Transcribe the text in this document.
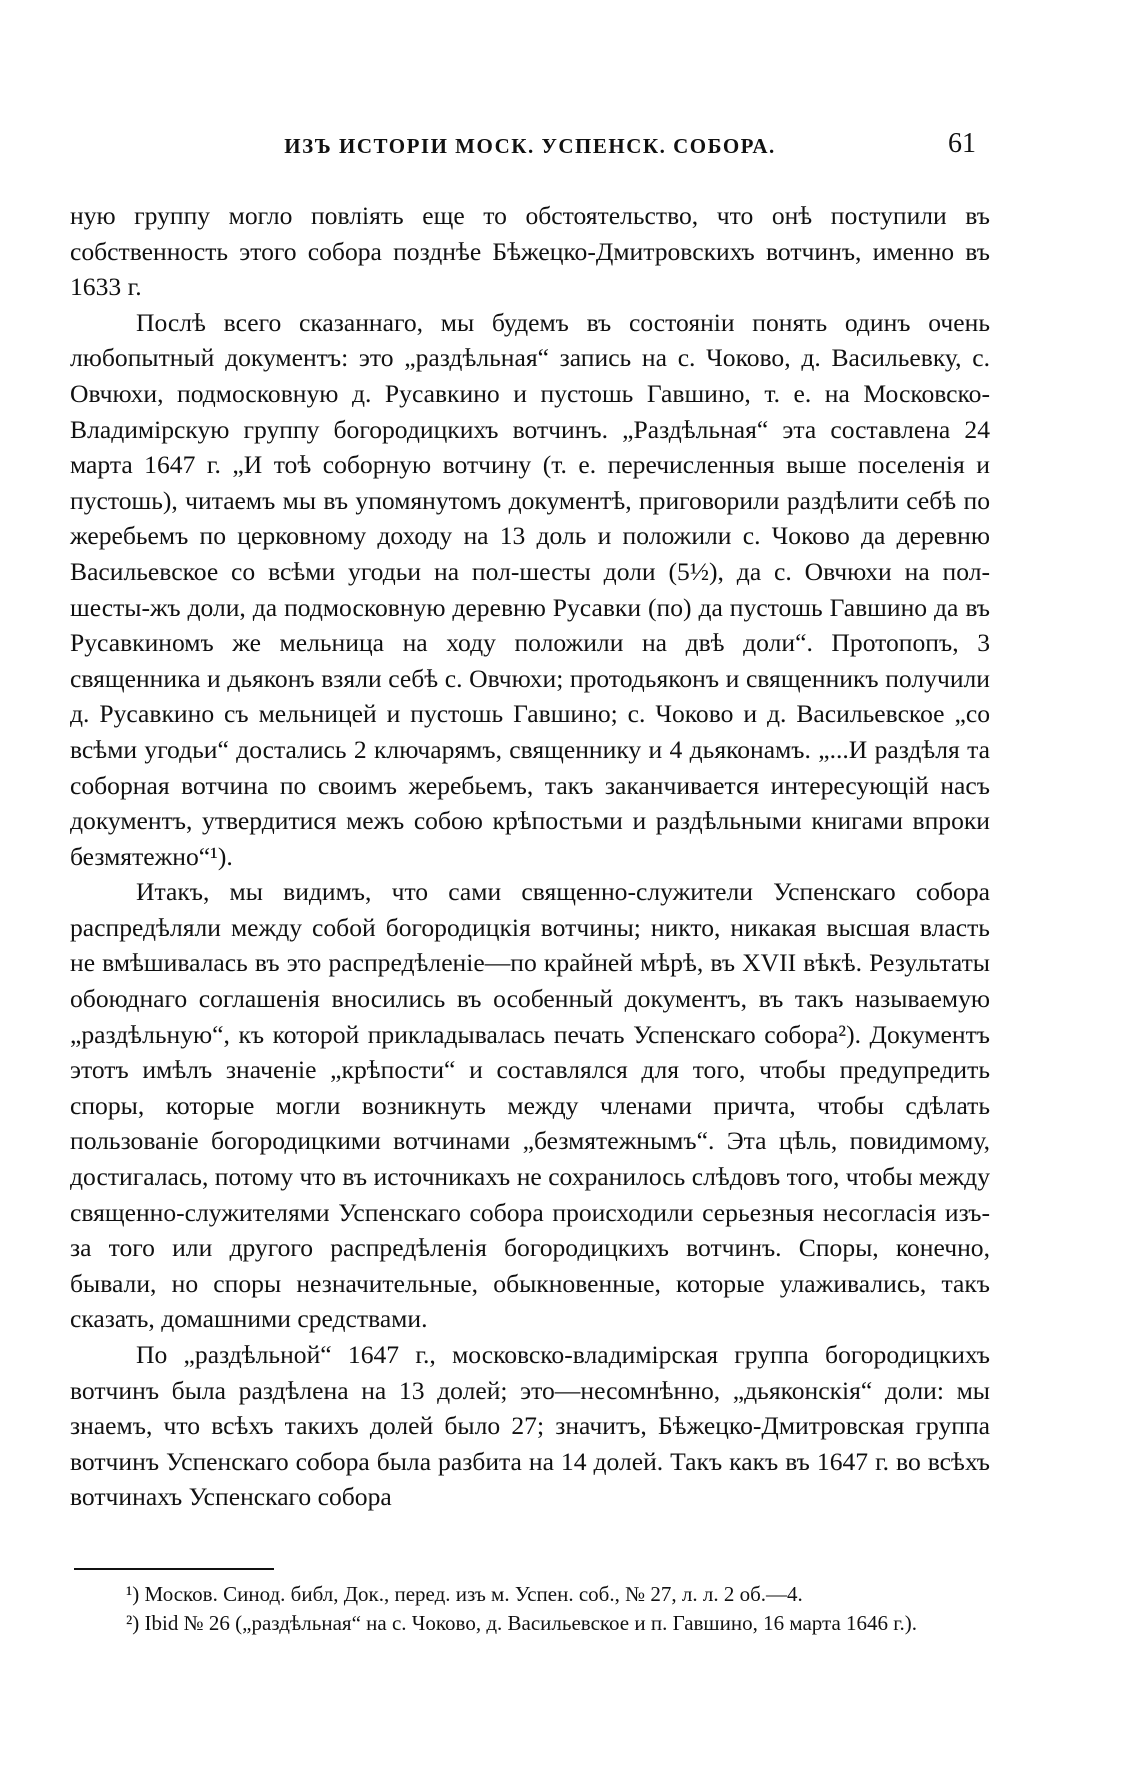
ИЗЪ ИСТОРІИ МОСК. УСПЕНСК. СОБОРА.	61

ную группу могло повліять еще то обстоятельство, что онѣ поступили въ собственность этого собора позднѣе Бѣжецко-Дмитровскихъ вотчинъ, именно въ 1633 г.

Послѣ всего сказаннаго, мы будемъ въ состояніи понять одинъ очень любопытный документъ: это „раздѣльная“ запись на с. Чоково, д. Васильевку, с. Овчюхи, подмосковную д. Русавкино и пустошь Гавшино, т. е. на Московско-Владимірскую группу богородицкихъ вотчинъ. „Раздѣльная“ эта составлена 24 марта 1647 г. „И тоѣ соборную вотчину (т. е. перечисленныя выше поселенія и пустошь), читаемъ мы въ упомянутомъ документѣ, приговорили раздѣлити себѣ по жеребьемъ по церковному доходу на 13 доль и положили с. Чоково да деревню Васильевское со всѣми угодьи на пол-шесты доли (5½), да с. Овчюхи на пол-шесты-жъ доли, да подмосковную деревню Русавки (по) да пустошь Гавшино да въ Русавкиномъ же мельница на ходу положили на двѣ доли“. Протопопъ, 3 священника и дьяконъ взяли себѣ с. Овчюхи; протодьяконъ и священникъ получили д. Русавкино съ мельницей и пустошь Гавшино; с. Чоково и д. Васильевское „со всѣми угодьи“ достались 2 ключарямъ, священнику и 4 дьяконамъ. „...И раздѣля та соборная вотчина по своимъ жеребьемъ, такъ заканчивается интересующій насъ документъ, утвердитися межъ собою крѣпостьми и раздѣльными книгами впроки безмятежно“¹).

Итакъ, мы видимъ, что сами священно-служители Успенскаго собора распредѣляли между собой богородицкія вотчины; никто, никакая высшая власть не вмѣшивалась въ это распредѣленіе—по крайней мѣрѣ, въ XVII вѣкѣ. Результаты обоюднаго соглашенія вносились въ особенный документъ, въ такъ называемую „раздѣльную“, къ которой прикладывалась печать Успенскаго собора²). Документъ этотъ имѣлъ значеніе „крѣпости“ и составлялся для того, чтобы предупредить споры, которые могли возникнуть между членами причта, чтобы сдѣлать пользованіе богородицкими вотчинами „безмятежнымъ“. Эта цѣль, повидимому, достигалась, потому что въ источникахъ не сохранилось слѣдовъ того, чтобы между священно-служителями Успенскаго собора происходили серьезныя несогласія изъ-за того или другого распредѣленія богородицкихъ вотчинъ. Споры, конечно, бывали, но споры незначительные, обыкновенные, которые улаживались, такъ сказать, домашними средствами.

По „раздѣльной“ 1647 г., московско-владимірская группа богородицкихъ вотчинъ была раздѣлена на 13 долей; это—несомнѣнно, „дьяконскія“ доли: мы знаемъ, что всѣхъ такихъ долей было 27; значитъ, Бѣжецко-Дмитровская группа вотчинъ Успенскаго собора была разбита на 14 долей. Такъ какъ въ 1647 г. во всѣхъ вотчинахъ Успенскаго собора

¹) Москов. Синод. библ, Док., перед. изъ м. Успен. соб., № 27, л. л. 2 об.—4.

²) Ibid № 26 („раздѣльная“ на с. Чоково, д. Васильевское и п. Гавшино, 16 марта 1646 г.).
